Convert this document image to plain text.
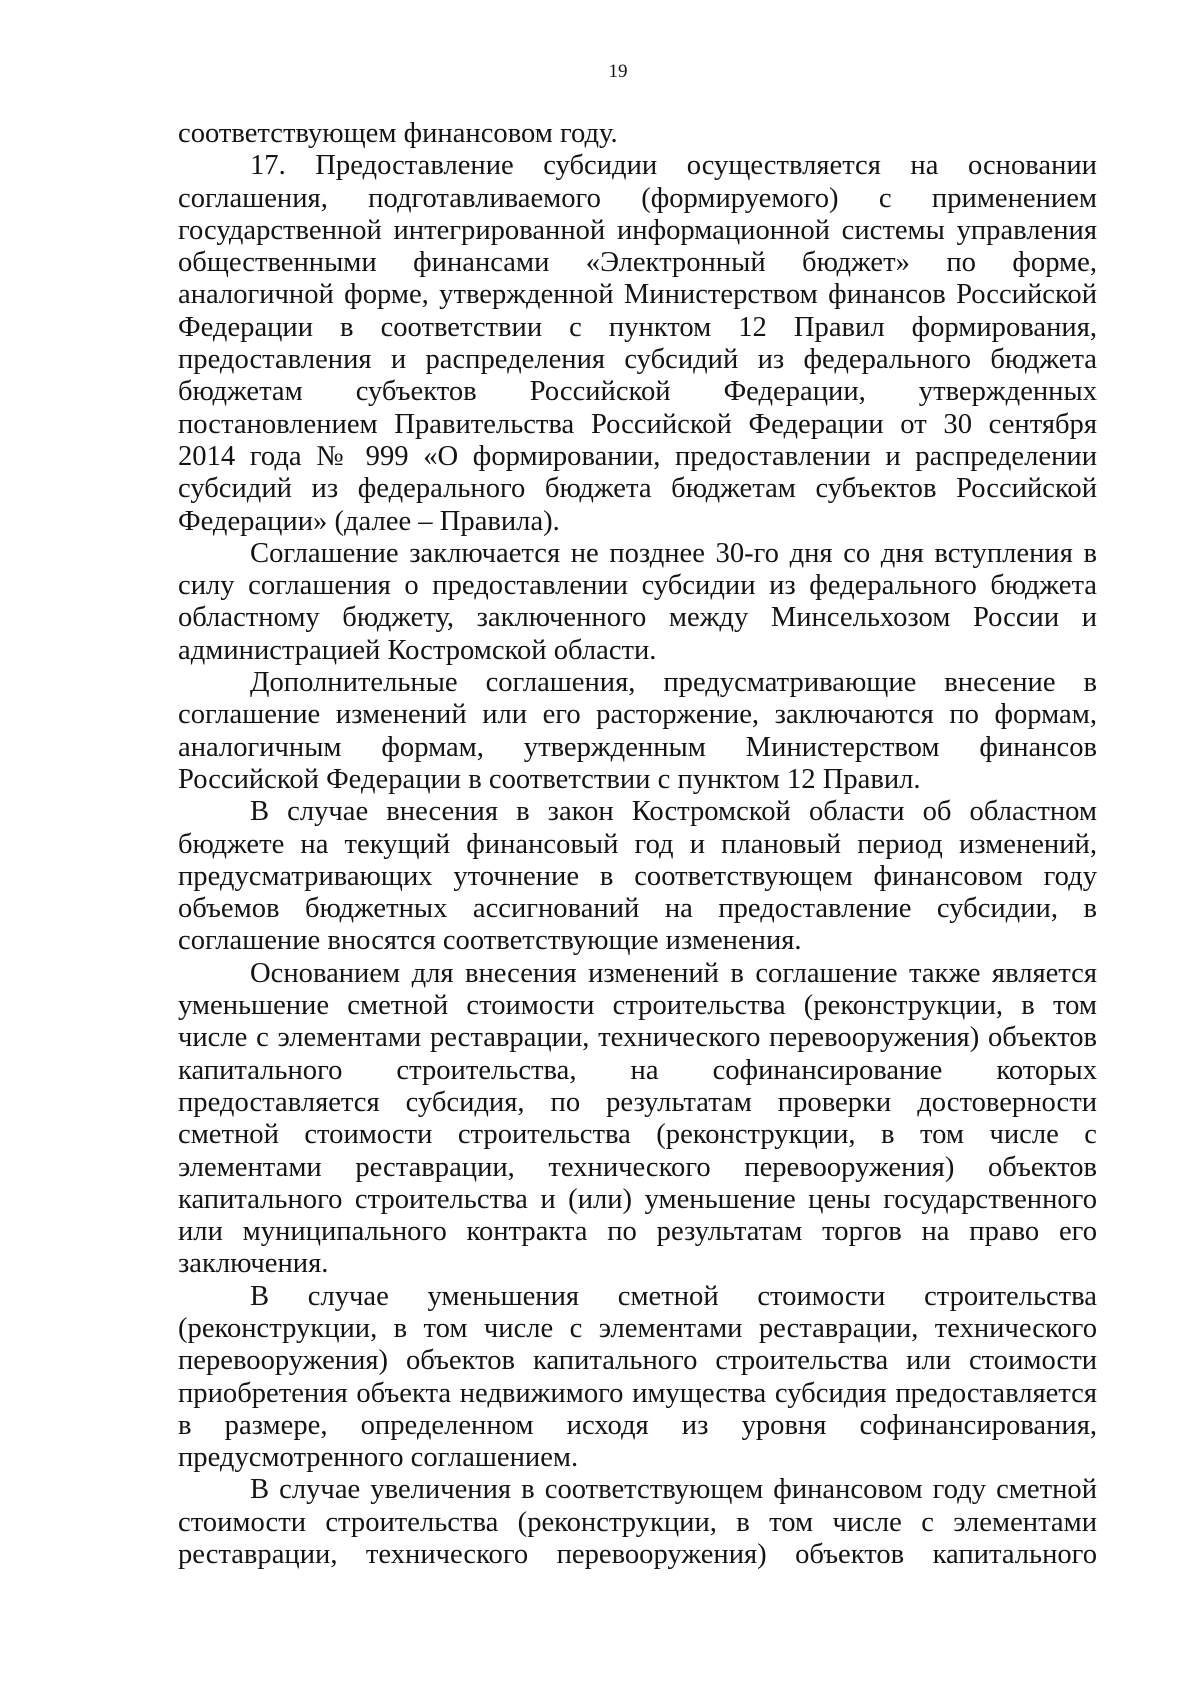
19
соответствующем финансовом году.
17. Предоставление субсидии осуществляется на основании
соглашения, подготавливаемого (формируемого) с применением
государственной интегрированной информационной системы управления
общественными финансами «Электронный бюджет» по форме,
аналогичной форме, утвержденной Министерством финансов Российской
Федерации в соответствии с пунктом 12 Правил формирования,
предоставления и распределения субсидий из федерального бюджета
бюджетам субъектов Российской Федерации, утвержденных
постановлением Правительства Российской Федерации от 30 сентября
2014 года № 999 «О формировании, предоставлении и распределении
субсидий из федерального бюджета бюджетам субъектов Российской
Федерации» (далее – Правила).
Соглашение заключается не позднее 30-го дня со дня вступления в
силу соглашения о предоставлении субсидии из федерального бюджета
областному бюджету, заключенного между Минсельхозом России и
администрацией Костромской области.
Дополнительные соглашения, предусматривающие внесение в
соглашение изменений или его расторжение, заключаются по формам,
аналогичным формам, утвержденным Министерством финансов
Российской Федерации в соответствии с пунктом 12 Правил.
В случае внесения в закон Костромской области об областном
бюджете на текущий финансовый год и плановый период изменений,
предусматривающих уточнение в соответствующем финансовом году
объемов бюджетных ассигнований на предоставление субсидии, в
соглашение вносятся соответствующие изменения.
Основанием для внесения изменений в соглашение также является
уменьшение сметной стоимости строительства (реконструкции, в том
числе с элементами реставрации, технического перевооружения) объектов
капитального строительства, на софинансирование которых
предоставляется субсидия, по результатам проверки достоверности
сметной стоимости строительства (реконструкции, в том числе с
элементами реставрации, технического перевооружения) объектов
капитального строительства и (или) уменьшение цены государственного
или муниципального контракта по результатам торгов на право его
заключения.
В случае уменьшения сметной стоимости строительства
(реконструкции, в том числе с элементами реставрации, технического
перевооружения) объектов капитального строительства или стоимости
приобретения объекта недвижимого имущества субсидия предоставляется
в размере, определенном исходя из уровня софинансирования,
предусмотренного соглашением.
В случае увеличения в соответствующем финансовом году сметной
стоимости строительства (реконструкции, в том числе с элементами
реставрации, технического перевооружения) объектов капитального
